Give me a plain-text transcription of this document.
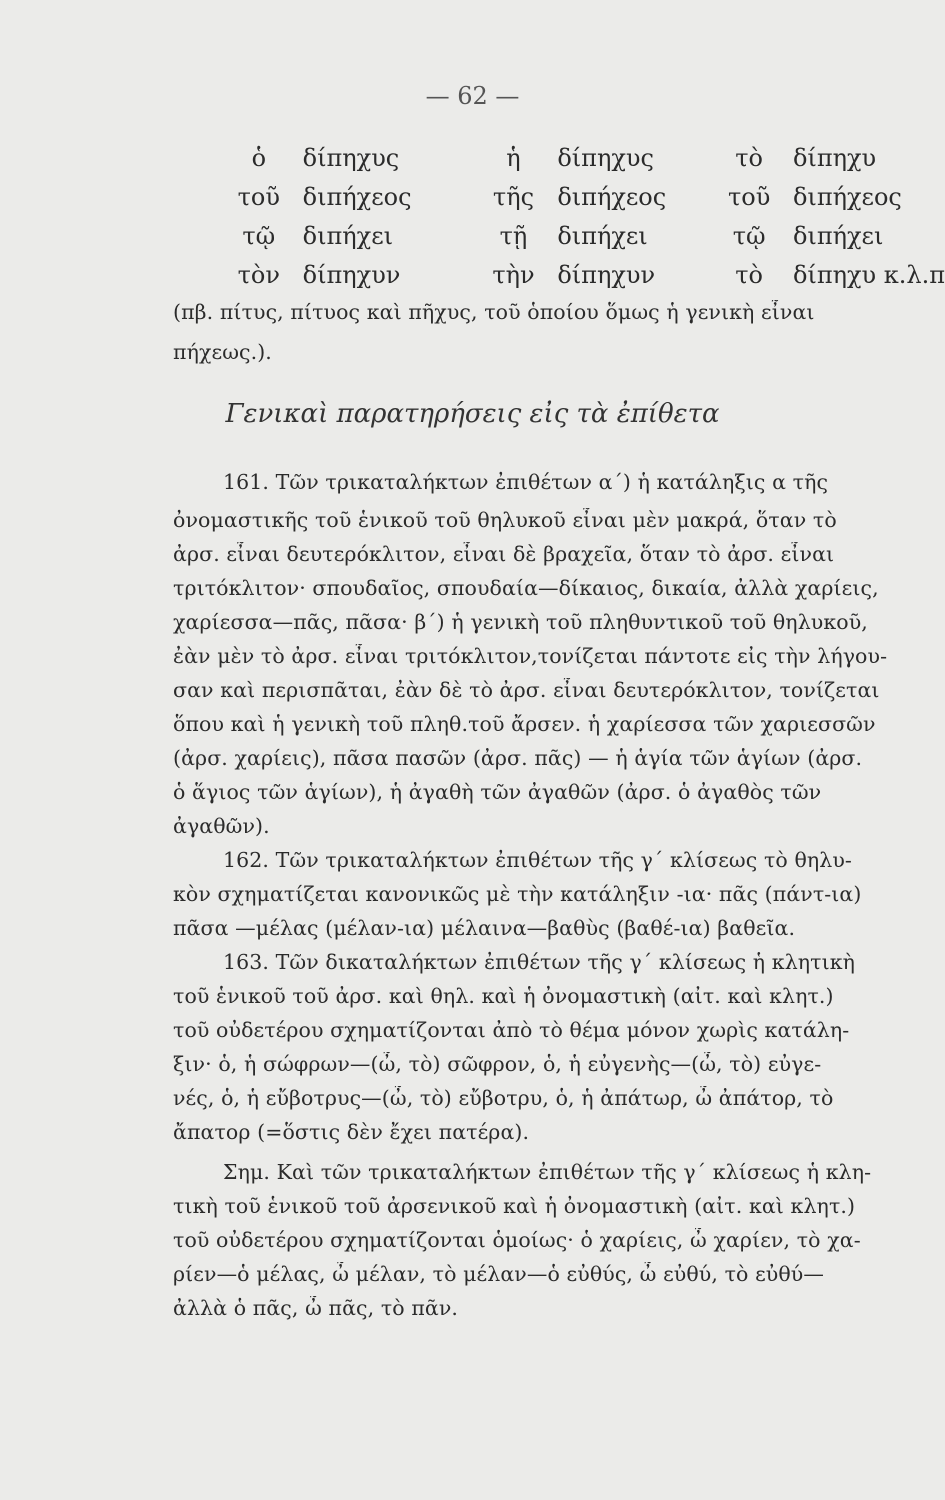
— 62 —
ὁ	δίπηχυς	ἡ	δίπηχυς	τὸ	δίπηχυ
τοῦ	διπήχεος	τῆς	διπήχεος	τοῦ	διπήχεος
τῷ	διπήχει	τῇ	διπήχει	τῷ	διπήχει
τὸν	δίπηχυν	τὴν	δίπηχυν	τὸ	δίπηχυ κ.λ.π
(πβ. πίτυς, πίτυος καὶ πῆχυς, τοῦ ὁποίου ὅμως ἡ γενικὴ εἶναι
πήχεως.).
Γενικαὶ παρατηρήσεις εἰς τὰ ἐπίθετα
161. Τῶν τρικαταλήκτων ἐπιθέτων α΄) ἡ κατάληξις α τῆς
ὀνομαστικῆς τοῦ ἑνικοῦ τοῦ θηλυκοῦ εἶναι μὲν μακρά, ὅταν τὸ
ἀρσ. εἶναι δευτερόκλιτον, εἶναι δὲ βραχεῖα, ὅταν τὸ ἀρσ. εἶναι
τριτόκλιτον· σπουδαῖος, σπουδαία—δίκαιος, δικαία, ἀλλὰ χαρίεις,
χαρίεσσα—πᾶς, πᾶσα· β΄) ἡ γενικὴ τοῦ πληθυντικοῦ τοῦ θηλυκοῦ,
ἐὰν μὲν τὸ ἀρσ. εἶναι τριτόκλιτον,τονίζεται πάντοτε εἰς τὴν λήγου-
σαν καὶ περισπᾶται, ἐὰν δὲ τὸ ἀρσ. εἶναι δευτερόκλιτον, τονίζεται
ὅπου καὶ ἡ γενικὴ τοῦ πληθ.τοῦ ἄρσεν. ἡ χαρίεσσα τῶν χαριεσσῶν
(ἀρσ. χαρίεις), πᾶσα πασῶν (ἀρσ. πᾶς) — ἡ ἁγία τῶν ἁγίων (ἀρσ.
ὁ ἅγιος τῶν ἁγίων), ἡ ἀγαθὴ τῶν ἀγαθῶν (ἀρσ. ὁ ἀγαθὸς τῶν
ἀγαθῶν).
162. Τῶν τρικαταλήκτων ἐπιθέτων τῆς γ΄ κλίσεως τὸ θηλυ-
κὸν σχηματίζεται κανονικῶς μὲ τὴν κατάληξιν -ια· πᾶς (πάντ-ια)
πᾶσα —μέλας (μέλαν-ια) μέλαινα—βαθὺς (βαθέ-ια) βαθεῖα.
163. Τῶν δικαταλήκτων ἐπιθέτων τῆς γ΄ κλίσεως ἡ κλητικὴ
τοῦ ἑνικοῦ τοῦ ἀρσ. καὶ θηλ. καὶ ἡ ὀνομαστικὴ (αἰτ. καὶ κλητ.)
τοῦ οὐδετέρου σχηματίζονται ἀπὸ τὸ θέμα μόνον χωρὶς κατάλη-
ξιν· ὁ, ἡ σώφρων—(ὦ, τὸ) σῶφρον, ὁ, ἡ εὐγενὴς—(ὦ, τὸ) εὐγε-
νές, ὁ, ἡ εὔβοτρυς—(ὦ, τὸ) εὔβοτρυ, ὁ, ἡ ἀπάτωρ, ὦ ἀπάτορ, τὸ
ἄπατορ (=ὅστις δὲν ἔχει πατέρα).
Σημ. Καὶ τῶν τρικαταλήκτων ἐπιθέτων τῆς γ΄ κλίσεως ἡ κλη-
τικὴ τοῦ ἑνικοῦ τοῦ ἀρσενικοῦ καὶ ἡ ὀνομαστικὴ (αἰτ. καὶ κλητ.)
τοῦ οὐδετέρου σχηματίζονται ὁμοίως· ὁ χαρίεις, ὦ χαρίεν, τὸ χα-
ρίεν—ὁ μέλας, ὦ μέλαν, τὸ μέλαν—ὁ εὐθύς, ὦ εὐθύ, τὸ εὐθύ—
ἀλλὰ ὁ πᾶς, ὦ πᾶς, τὸ πᾶν.
